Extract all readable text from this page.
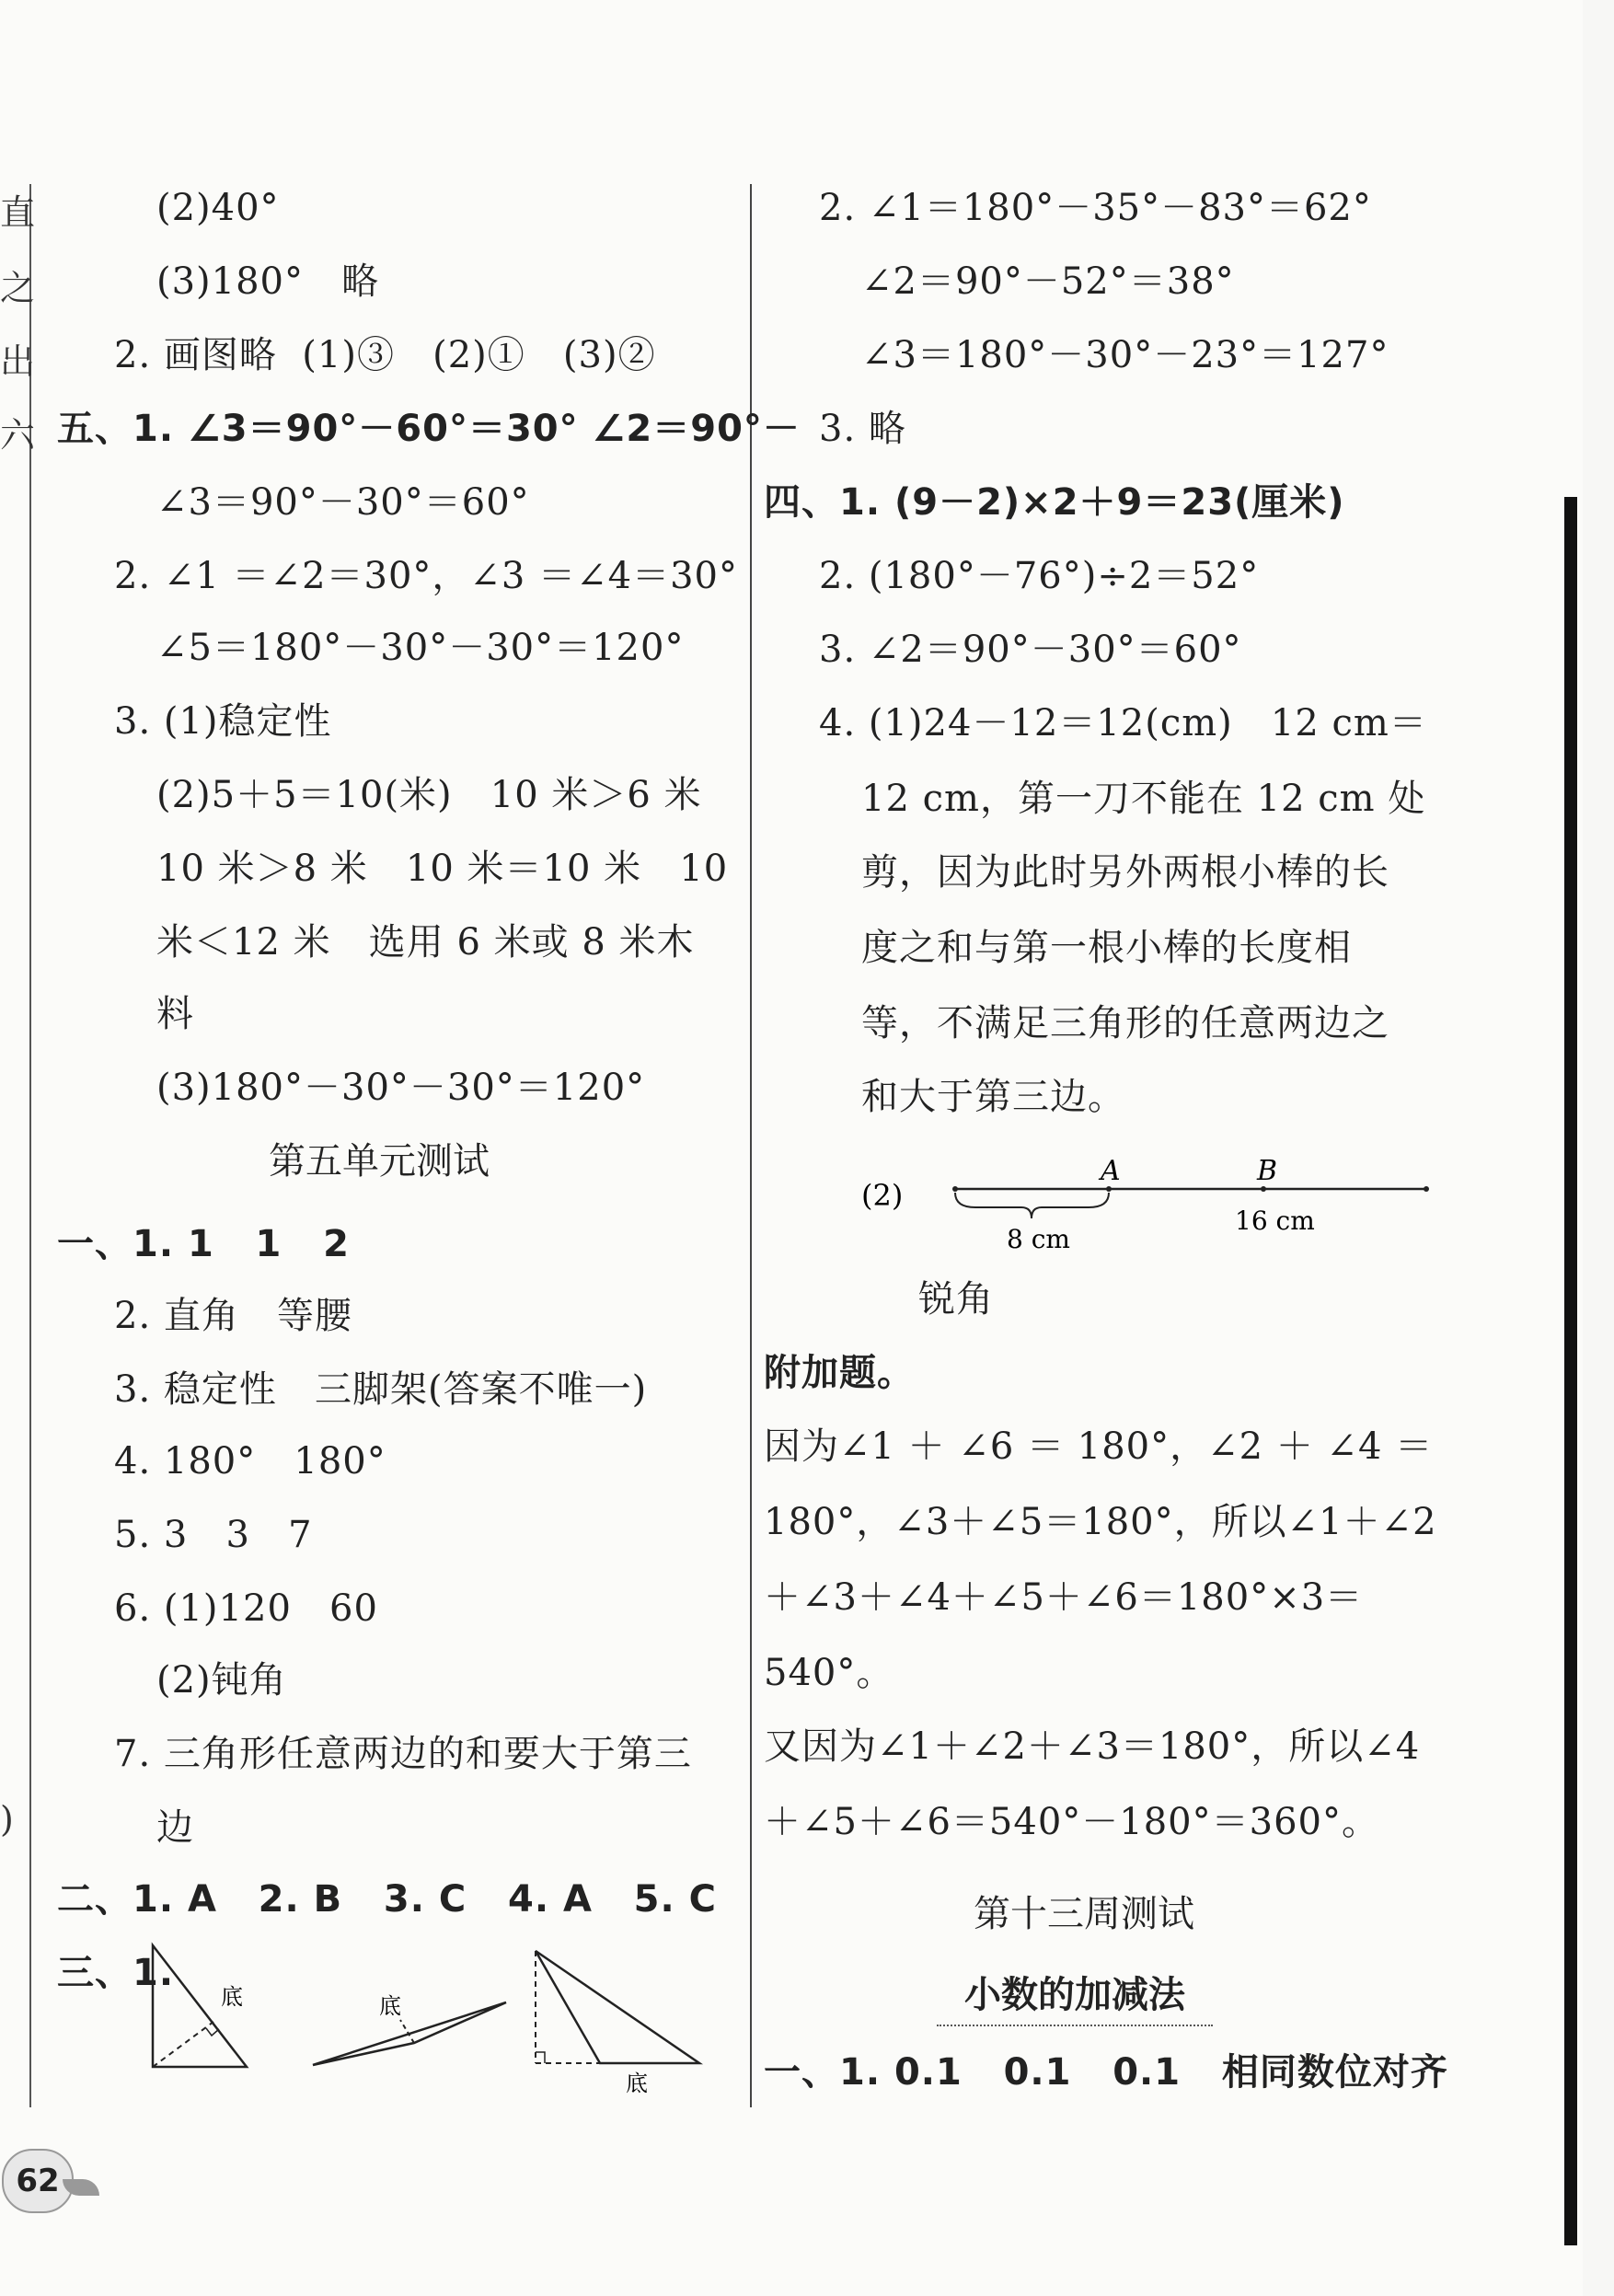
直
之
出
六
)
(2)40°
(3)180°   略
2. 画图略  (1)③   (2)①   (3)②
五、1. ∠3＝90°－60°＝30° ∠2＝90°－
∠3＝90°－30°＝60°
2. ∠1 ＝∠2＝30°，∠3 ＝∠4＝30°
∠5＝180°－30°－30°＝120°
3. (1)稳定性
(2)5＋5＝10(米)   10 米＞6 米
10 米＞8 米   10 米＝10 米   10
米＜12 米   选用 6 米或 8 米木
料
(3)180°－30°－30°＝120°
第五单元测试
一、1. 1   1   2
2. 直角   等腰
3. 稳定性   三脚架(答案不唯一)
4. 180°   180°
5. 3   3   7
6. (1)120   60
(2)钝角
7. 三角形任意两边的和要大于第三
边
二、1. A   2. B   3. C   4. A   5. C
三、1.
底	底
底
2. ∠1＝180°－35°－83°＝62°
∠2＝90°－52°＝38°
∠3＝180°－30°－23°＝127°
3. 略
四、1. (9－2)×2＋9＝23(厘米)
2. (180°－76°)÷2＝52°
3. ∠2＝90°－30°＝60°
4. (1)24－12＝12(cm)   12 cm＝
12 cm，第一刀不能在 12 cm 处
剪，因为此时另外两根小棒的长
度之和与第一根小棒的长度相
等，不满足三角形的任意两边之
和大于第三边。
(2)
A	B
8 cm
16 cm
锐角
附加题。
因为∠1 ＋ ∠6 ＝ 180°，∠2 ＋ ∠4 ＝
180°，∠3＋∠5＝180°，所以∠1＋∠2
＋∠3＋∠4＋∠5＋∠6＝180°×3＝
540°。
又因为∠1＋∠2＋∠3＝180°，所以∠4
＋∠5＋∠6＝540°－180°＝360°。
第十三周测试
小数的加减法
一、1. 0.1   0.1   0.1   相同数位对齐
62
